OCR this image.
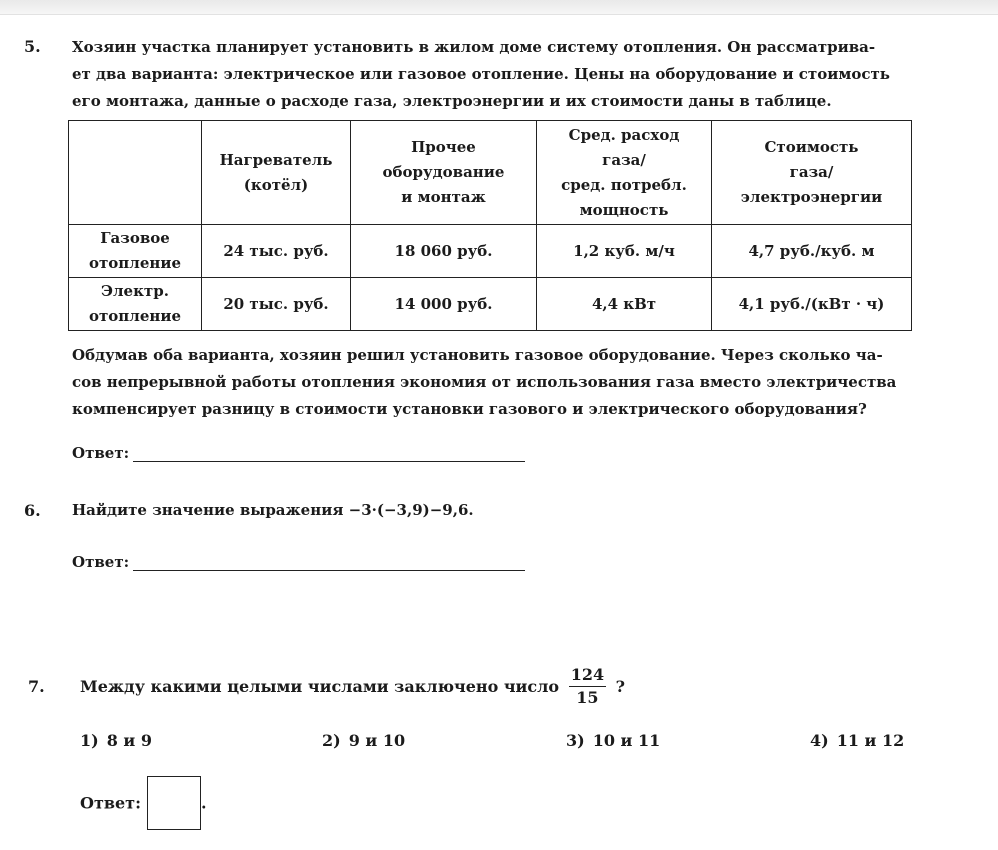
5. Хозяин участка планирует установить в жилом доме систему отопления. Он рассматрива-
ет два варианта: электрическое или газовое отопление. Цены на оборудование и стоимость
его монтажа, данные о расходе газа, электроэнергии и их стоимости даны в таблице.

	Нагреватель
(котёл)	Прочее
оборудование
и монтаж	Сред. расход
газа/
сред. потребл.
мощность	Стоимость
газа/
электроэнергии

Газовое
отопление	24 тыс. руб.	18 060 руб.	1,2 куб. м/ч	4,7 руб./куб. м

Электр.
отопление	20 тыс. руб.	14 000 руб.	4,4 кВт	4,1 руб./(кВт · ч)

Обдумав оба варианта, хозяин решил установить газовое оборудование. Через сколько ча-
сов непрерывной работы отопления экономия от использования газа вместо электричества
компенсирует разницу в стоимости установки газового и электрического оборудования?

Ответ:
6. Найдите значение выражения −3·(−3,9)−9,6.
Ответ:
7. Между какими целыми числами заключено число $\frac{124}{15}$ ?
1) 8 и 9	2) 9 и 10	3) 10 и 11	4) 11 и 12
Ответ:	.
